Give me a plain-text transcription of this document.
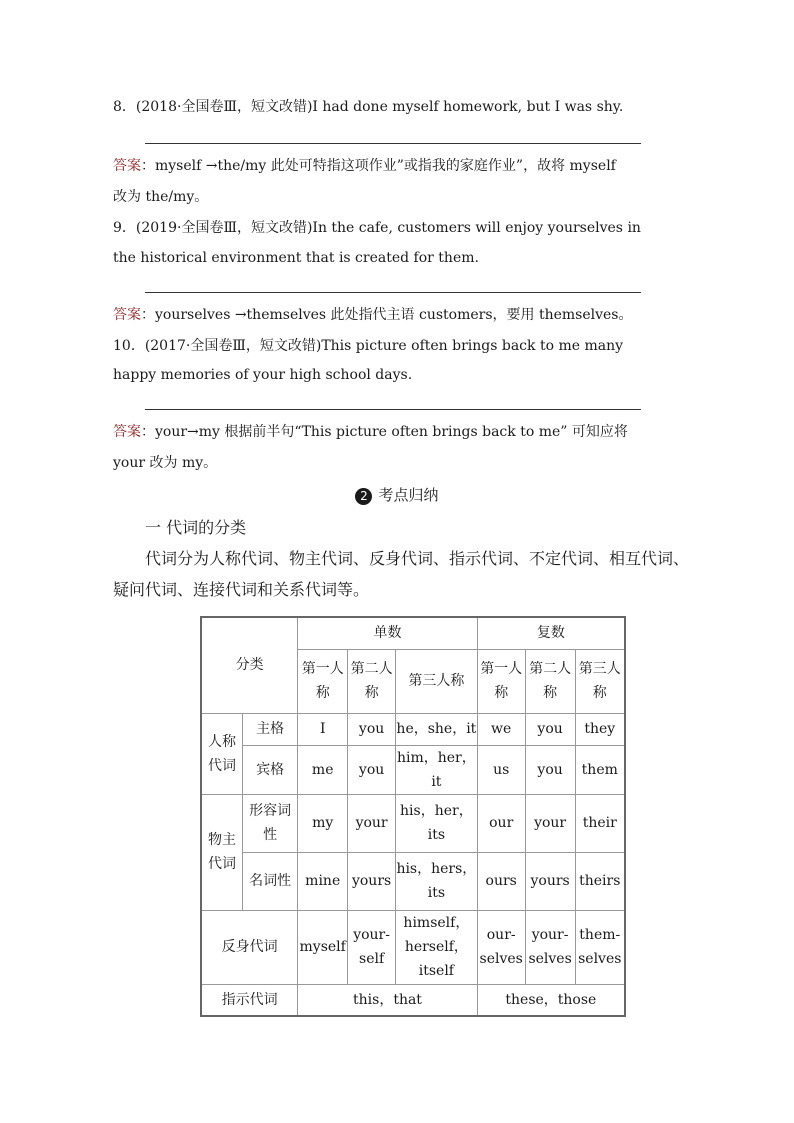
8．(2018·全国卷Ⅲ，短文改错)I had done myself homework, but I was shy.
答案：myself →the/my 此处可特指这项作业”或指我的家庭作业”，故将 myself
改为 the/my。
9．(2019·全国卷Ⅲ，短文改错)In the cafe, customers will enjoy yourselves in
the historical environment that is created for them.
答案：yourselves →themselves 此处指代主语 customers，要用 themselves。
10．(2017·全国卷Ⅲ，短文改错)This picture often brings back to me many
happy memories of your high school days.
答案：your→my 根据前半句“This picture often brings back to me” 可知应将
your 改为 my。
2 考点归纳
一 代词的分类
代词分为人称代词、物主代词、反身代词、指示代词、不定代词、相互代词、
疑问代词、连接代词和关系代词等。
分类		单数			复数		
		第一人称	第二人称	第三人称	第一人称	第二人称	第三人称
人称代词	主格	I	you	he，she，it	we	you	they
	宾格	me	you	him，her，it	us	you	them
物主代词	形容词性	my	your	his，her，its	our	your	their
	名词性	mine	yours	his，hers，its	ours	yours	theirs
反身代词		myself	your-self	himself，herself，itself	our-selves	your-selves	them-selves
指示代词		this，that			these，those		
